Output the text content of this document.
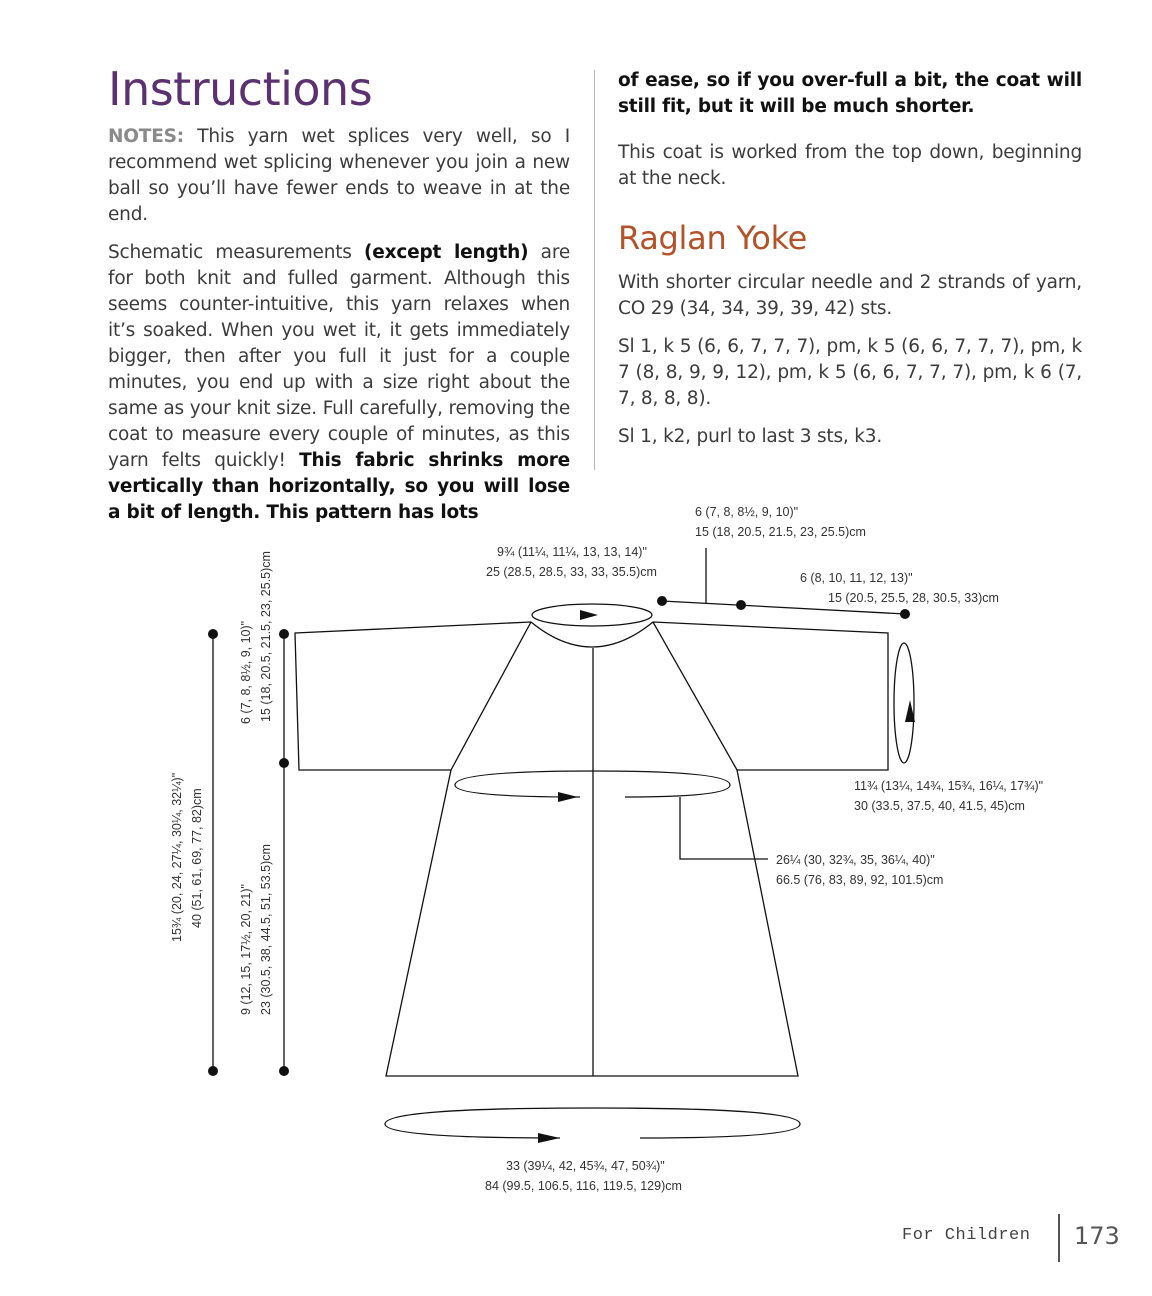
Instructions

NOTES: This yarn wet splices very well, so I recommend wet splicing whenever you join a new ball so you’ll have fewer ends to weave in at the end.

Schematic measurements (except length) are for both knit and fulled garment. Although this seems counter-intuitive, this yarn relaxes when it’s soaked. When you wet it, it gets immediately bigger, then after you full it just for a couple minutes, you end up with a size right about the same as your knit size. Full carefully, removing the coat to measure every couple of minutes, as this yarn felts quickly! This fabric shrinks more vertically than horizontally, so you will lose a bit of length. This pattern has lots

of ease, so if you over-full a bit, the coat will still fit, but it will be much shorter.

This coat is worked from the top down, beginning at the neck.

Raglan Yoke

With shorter circular needle and 2 strands of yarn, CO 29 (34, 34, 39, 39, 42) sts.

Sl 1, k 5 (6, 6, 7, 7, 7), pm, k 5 (6, 6, 7, 7, 7), pm, k 7 (8, 8, 9, 9, 12), pm, k 5 (6, 6, 7, 7, 7), pm, k 6 (7, 7, 8, 8, 8).

Sl 1, k2, purl to last 3 sts, k3.

6 (7, 8, 8½, 9, 10)"
15 (18, 20.5, 21.5, 23, 25.5)cm
9¾ (11¼, 11¼, 13, 13, 14)"
25 (28.5, 28.5, 33, 33, 35.5)cm	6 (8, 10, 11, 12, 13)"
15 (20.5, 25.5, 28, 30.5, 33)cm
11¾ (13¼, 14¾, 15¾, 16¼, 17¾)"
30 (33.5, 37.5, 40, 41.5, 45)cm
26¼ (30, 32¾, 35, 36¼, 40)"
66.5 (76, 83, 89, 92, 101.5)cm
33 (39¼, 42, 45¾, 47, 50¾)"
84 (99.5, 106.5, 116, 119.5, 129)cm
15¾ (20, 24, 27¼, 30¼, 32¼)" 40 (51, 61, 69, 77, 82)cm
6 (7, 8, 8½, 9, 10)" 15 (18, 20.5, 21.5, 23, 25.5)cm
9 (12, 15, 17½, 20, 21)" 23 (30.5, 38, 44.5, 51, 53.5)cm
For Children 173
